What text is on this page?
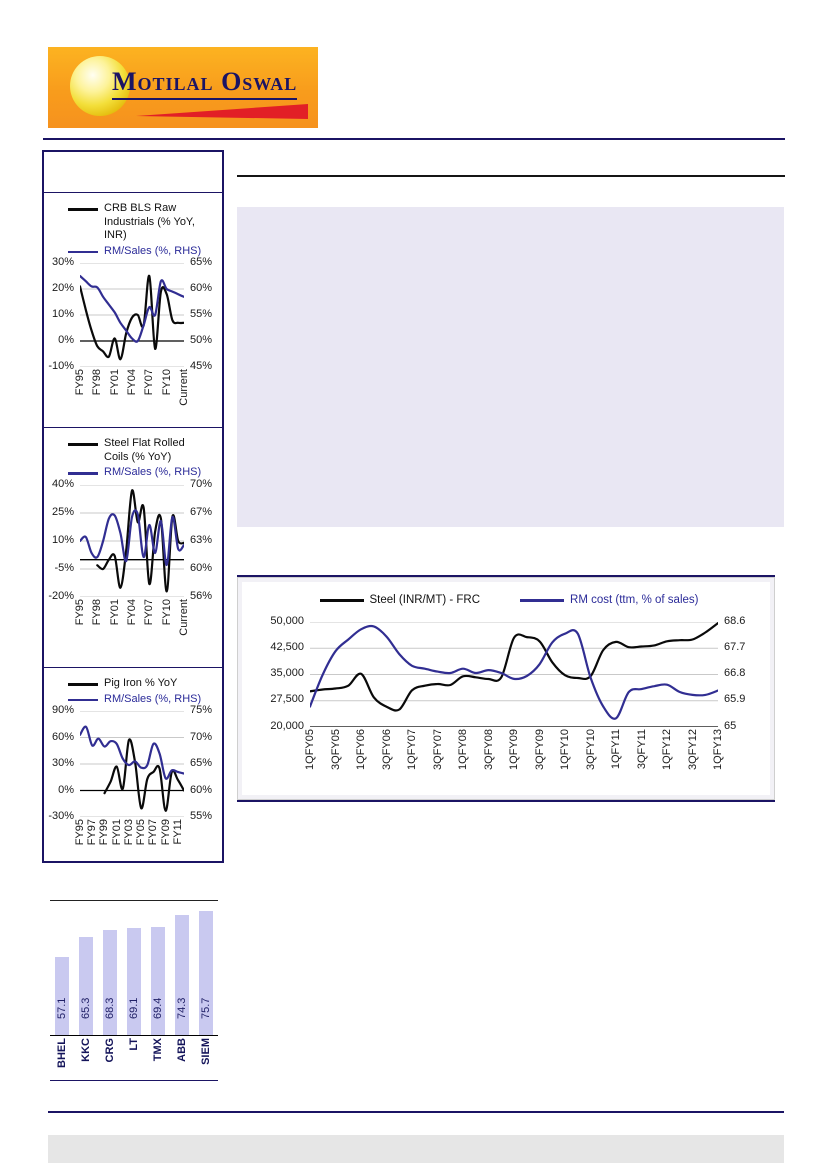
Motilal Oswal
CRB BLS Raw Industrials (% YoY, INR)
RM/Sales (%, RHS)
30%
20%
10%
0%
-10%
65%
60%
55%
50%
45%
FY95 FY98 FY01 FY04 FY07 FY10 Current
Steel Flat Rolled Coils (% YoY)
RM/Sales (%, RHS)
40%
25%
10%
-5%
-20%
70%
67%
63%
60%
56%
FY95 FY98 FY01 FY04 FY07 FY10 Current
Pig Iron % YoY
RM/Sales (%, RHS)
90%
60%
30%
0%
-30%
75%
70%
65%
60%
55%
FY95 FY97 FY99 FY01 FY03 FY05 FY07 FY09 FY11
Steel (INR/MT) - FRC	RM cost (ttm, % of sales)
50,000
42,500
35,000
27,500
20,000
68.6
67.7
66.8
65.9
65
1QFY05 3QFY05 1QFY06 3QFY06 1QFY07 3QFY07 1QFY08 3QFY08 1QFY09 3QFY09 1QFY10 3QFY10 1QFY11 3QFY11 1QFY12 3QFY12 1QFY13
57.1 65.3 68.3 69.1 69.4 74.3 75.7
BHEL KKC CRG LT TMX ABB SIEM
